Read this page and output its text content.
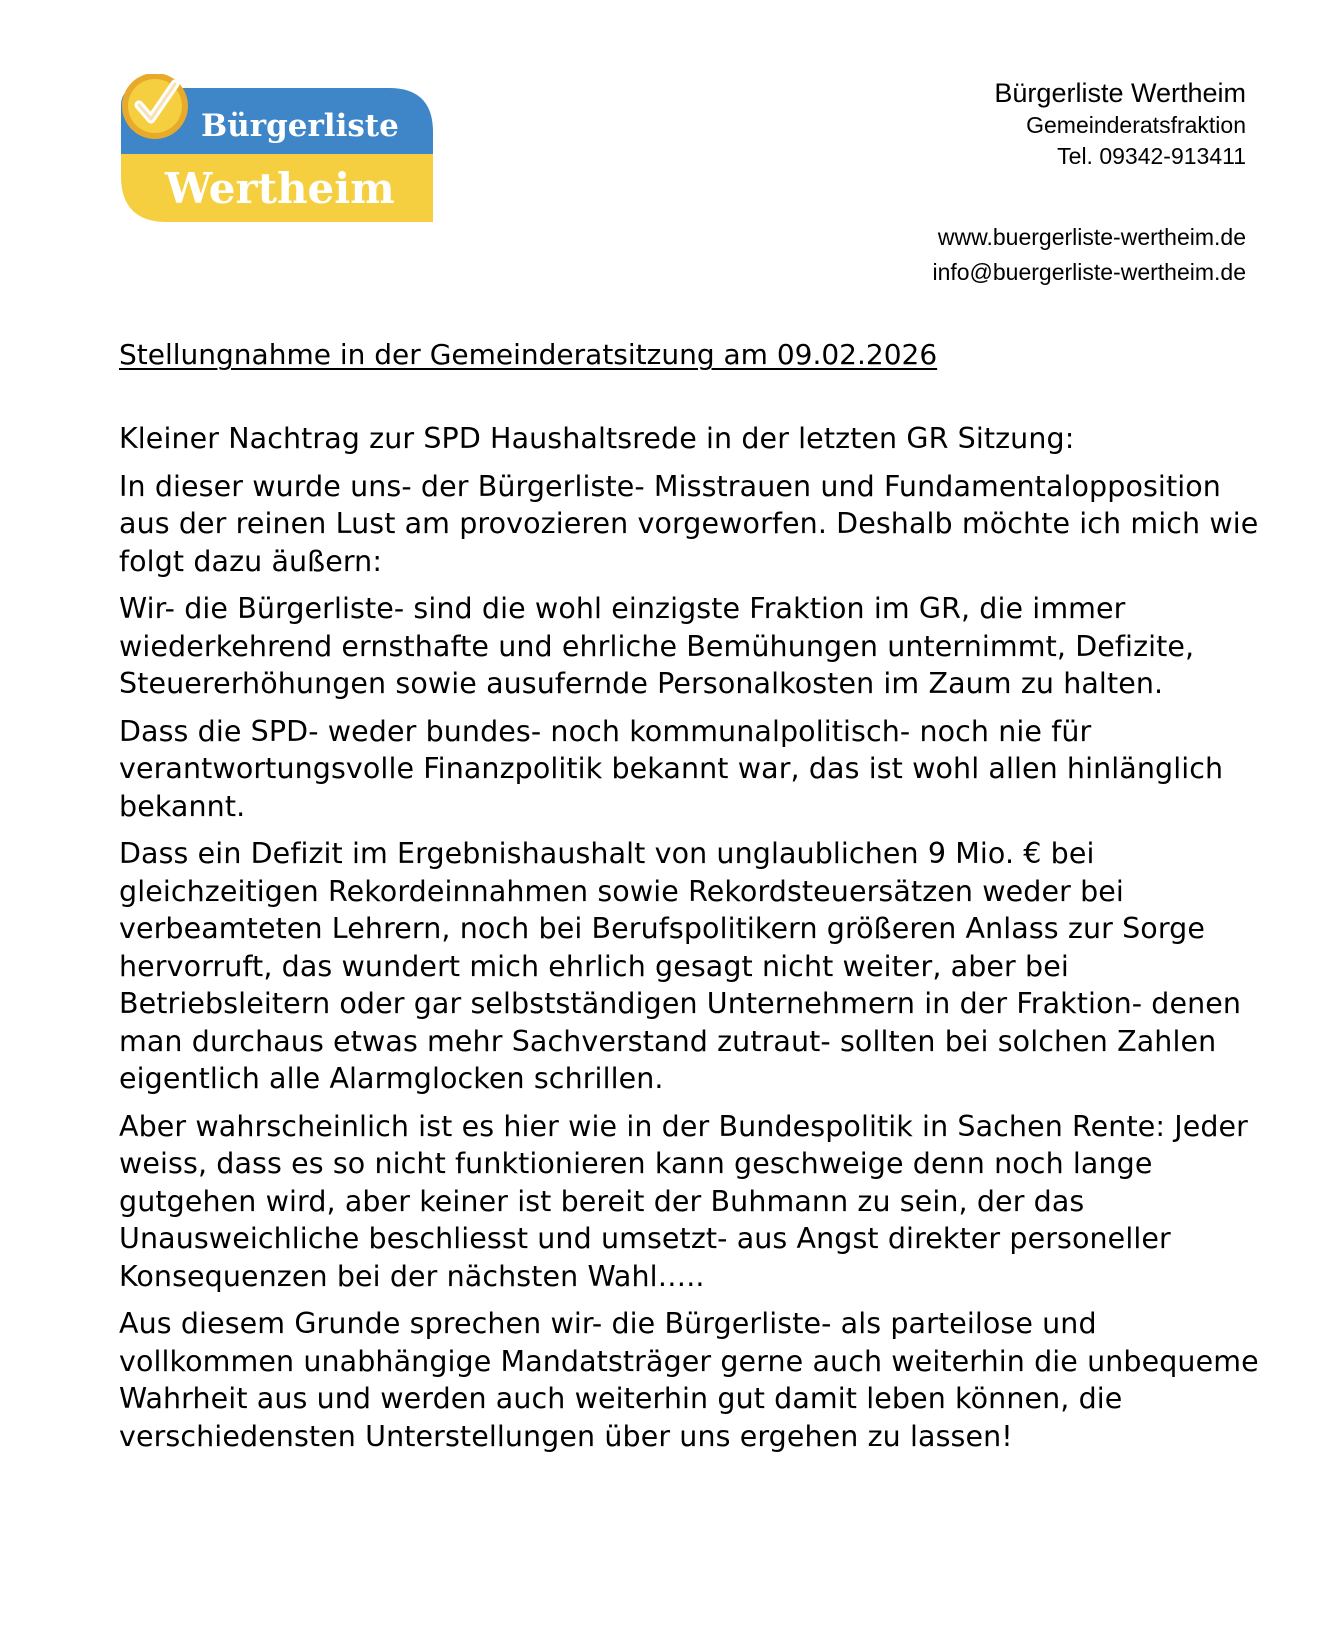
Bürgerliste
Wertheim
Bürgerliste Wertheim
Gemeinderatsfraktion
Tel. 09342-913411
www.buergerliste-wertheim.de
info@buergerliste-wertheim.de
Stellungnahme in der Gemeinderatsitzung am 09.02.2026

Kleiner Nachtrag zur SPD Haushaltsrede in der letzten GR Sitzung:

In dieser wurde uns- der Bürgerliste- Misstrauen und Fundamentalopposition aus der reinen Lust am provozieren vorgeworfen. Deshalb möchte ich mich wie folgt dazu äußern:

Wir- die Bürgerliste- sind die wohl einzigste Fraktion im GR, die immer wiederkehrend ernsthafte und ehrliche Bemühungen unternimmt, Defizite, Steuererhöhungen sowie ausufernde Personalkosten im Zaum zu halten.

Dass die SPD- weder bundes- noch kommunalpolitisch- noch nie für verantwortungsvolle Finanzpolitik bekannt war, das ist wohl allen hinlänglich bekannt.

Dass ein Defizit im Ergebnishaushalt von unglaublichen 9 Mio. € bei gleichzeitigen Rekordeinnahmen sowie Rekordsteuersätzen weder bei verbeamteten Lehrern, noch bei Berufspolitikern größeren Anlass zur Sorge hervorruft, das wundert mich ehrlich gesagt nicht weiter, aber bei Betriebsleitern oder gar selbstständigen Unternehmern in der Fraktion- denen man durchaus etwas mehr Sachverstand zutraut- sollten bei solchen Zahlen eigentlich alle Alarmglocken schrillen.

Aber wahrscheinlich ist es hier wie in der Bundespolitik in Sachen Rente: Jeder weiss, dass es so nicht funktionieren kann geschweige denn noch lange gutgehen wird, aber keiner ist bereit der Buhmann zu sein, der das Unausweichliche beschliesst und umsetzt- aus Angst direkter personeller Konsequenzen bei der nächsten Wahl…..

Aus diesem Grunde sprechen wir- die Bürgerliste- als parteilose und vollkommen unabhängige Mandatsträger gerne auch weiterhin die unbequeme Wahrheit aus und werden auch weiterhin gut damit leben können, die verschiedensten Unterstellungen über uns ergehen zu lassen!
